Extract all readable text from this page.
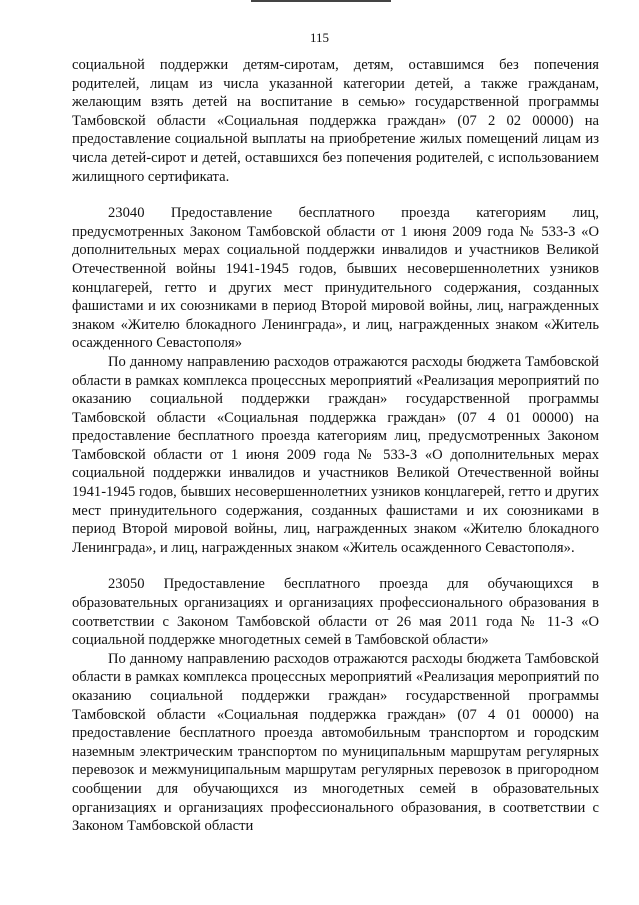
115

социальной поддержки детям-сиротам, детям, оставшимся без попечения родителей, лицам из числа указанной категории детей, а также гражданам, желающим взять детей на воспитание в семью» государственной программы Тамбовской области «Социальная поддержка граждан» (07 2 02 00000) на предоставление социальной выплаты на приобретение жилых помещений лицам из числа детей-сирот и детей, оставшихся без попечения родителей, с использованием жилищного сертификата.

23040 Предоставление бесплатного проезда категориям лиц, предусмотренных Законом Тамбовской области от 1 июня 2009 года № 533-З «О дополнительных мерах социальной поддержки инвалидов и участников Великой Отечественной войны 1941-1945 годов, бывших несовершеннолетних узников концлагерей, гетто и других мест принудительного содержания, созданных фашистами и их союзниками в период Второй мировой войны, лиц, награжденных знаком «Жителю блокадного Ленинграда», и лиц, награжденных знаком «Житель осажденного Севастополя»

По данному направлению расходов отражаются расходы бюджета Тамбовской области в рамках комплекса процессных мероприятий «Реализация мероприятий по оказанию социальной поддержки граждан» государственной программы Тамбовской области «Социальная поддержка граждан» (07 4 01 00000) на предоставление бесплатного проезда категориям лиц, предусмотренных Законом Тамбовской области от 1 июня 2009 года № 533-З «О дополнительных мерах социальной поддержки инвалидов и участников Великой Отечественной войны 1941-1945 годов, бывших несовершеннолетних узников концлагерей, гетто и других мест принудительного содержания, созданных фашистами и их союзниками в период Второй мировой войны, лиц, награжденных знаком «Жителю блокадного Ленинграда», и лиц, награжденных знаком «Житель осажденного Севастополя».

23050 Предоставление бесплатного проезда для обучающихся в образовательных организациях и организациях профессионального образования в соответствии с Законом Тамбовской области от 26 мая 2011 года № 11-З «О социальной поддержке многодетных семей в Тамбовской области»

По данному направлению расходов отражаются расходы бюджета Тамбовской области в рамках комплекса процессных мероприятий «Реализация мероприятий по оказанию социальной поддержки граждан» государственной программы Тамбовской области «Социальная поддержка граждан» (07 4 01 00000) на предоставление бесплатного проезда автомобильным транспортом и городским наземным электрическим транспортом по муниципальным маршрутам регулярных перевозок и межмуниципальным маршрутам регулярных перевозок в пригородном сообщении для обучающихся из многодетных семей в образовательных организациях и организациях профессионального образования, в соответствии с Законом Тамбовской области
